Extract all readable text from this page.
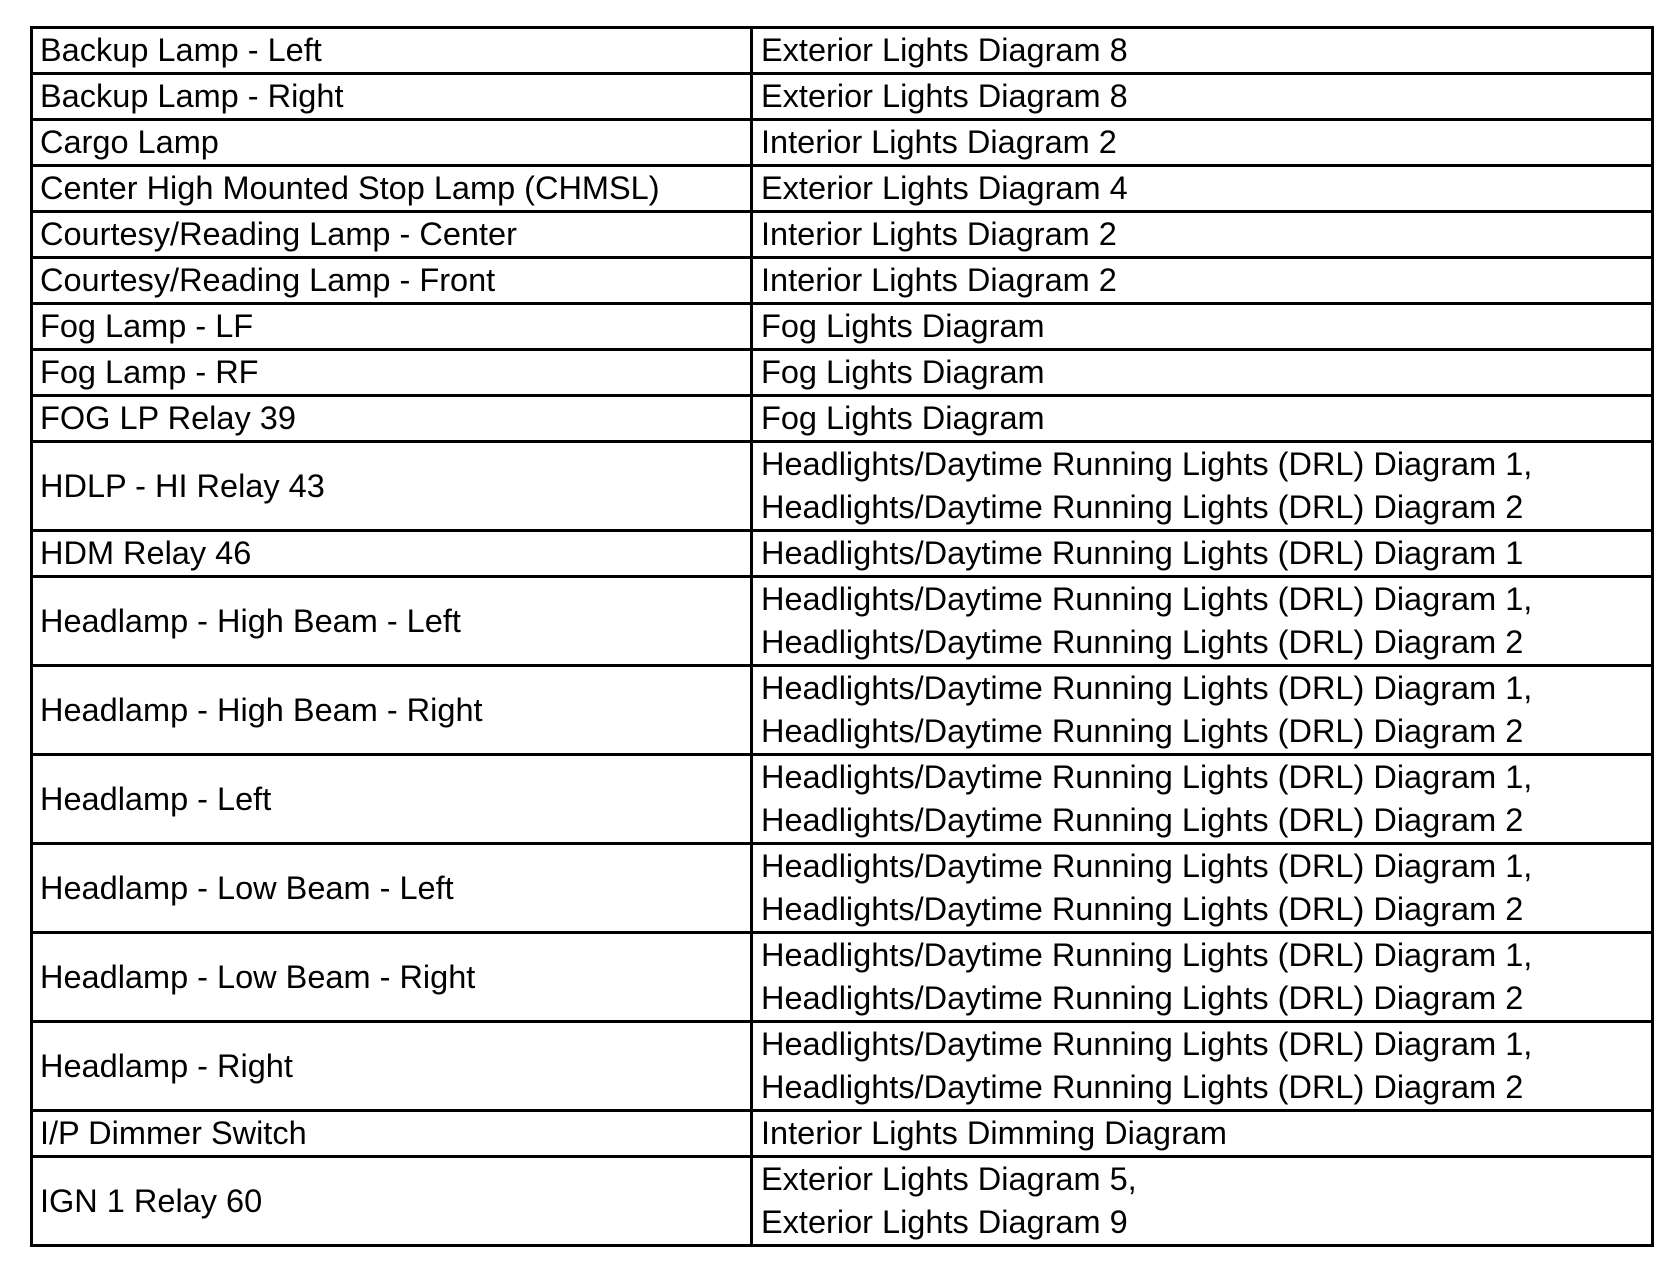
Backup Lamp - Left	Exterior Lights Diagram 8

Backup Lamp - Right	Exterior Lights Diagram 8

Cargo Lamp	Interior Lights Diagram 2

Center High Mounted Stop Lamp (CHMSL)	Exterior Lights Diagram 4

Courtesy/Reading Lamp - Center	Interior Lights Diagram 2

Courtesy/Reading Lamp - Front	Interior Lights Diagram 2

Fog Lamp - LF	Fog Lights Diagram

Fog Lamp - RF	Fog Lights Diagram

FOG LP Relay 39	Fog Lights Diagram

HDLP - HI Relay 43	Headlights/Daytime Running Lights (DRL) Diagram 1,
Headlights/Daytime Running Lights (DRL) Diagram 2

HDM Relay 46	Headlights/Daytime Running Lights (DRL) Diagram 1

Headlamp - High Beam - Left	Headlights/Daytime Running Lights (DRL) Diagram 1,
Headlights/Daytime Running Lights (DRL) Diagram 2

Headlamp - High Beam - Right	Headlights/Daytime Running Lights (DRL) Diagram 1,
Headlights/Daytime Running Lights (DRL) Diagram 2

Headlamp - Left	Headlights/Daytime Running Lights (DRL) Diagram 1,
Headlights/Daytime Running Lights (DRL) Diagram 2

Headlamp - Low Beam - Left	Headlights/Daytime Running Lights (DRL) Diagram 1,
Headlights/Daytime Running Lights (DRL) Diagram 2

Headlamp - Low Beam - Right	Headlights/Daytime Running Lights (DRL) Diagram 1,
Headlights/Daytime Running Lights (DRL) Diagram 2

Headlamp - Right	Headlights/Daytime Running Lights (DRL) Diagram 1,
Headlights/Daytime Running Lights (DRL) Diagram 2

I/P Dimmer Switch	Interior Lights Dimming Diagram

IGN 1 Relay 60	Exterior Lights Diagram 5,
Exterior Lights Diagram 9
